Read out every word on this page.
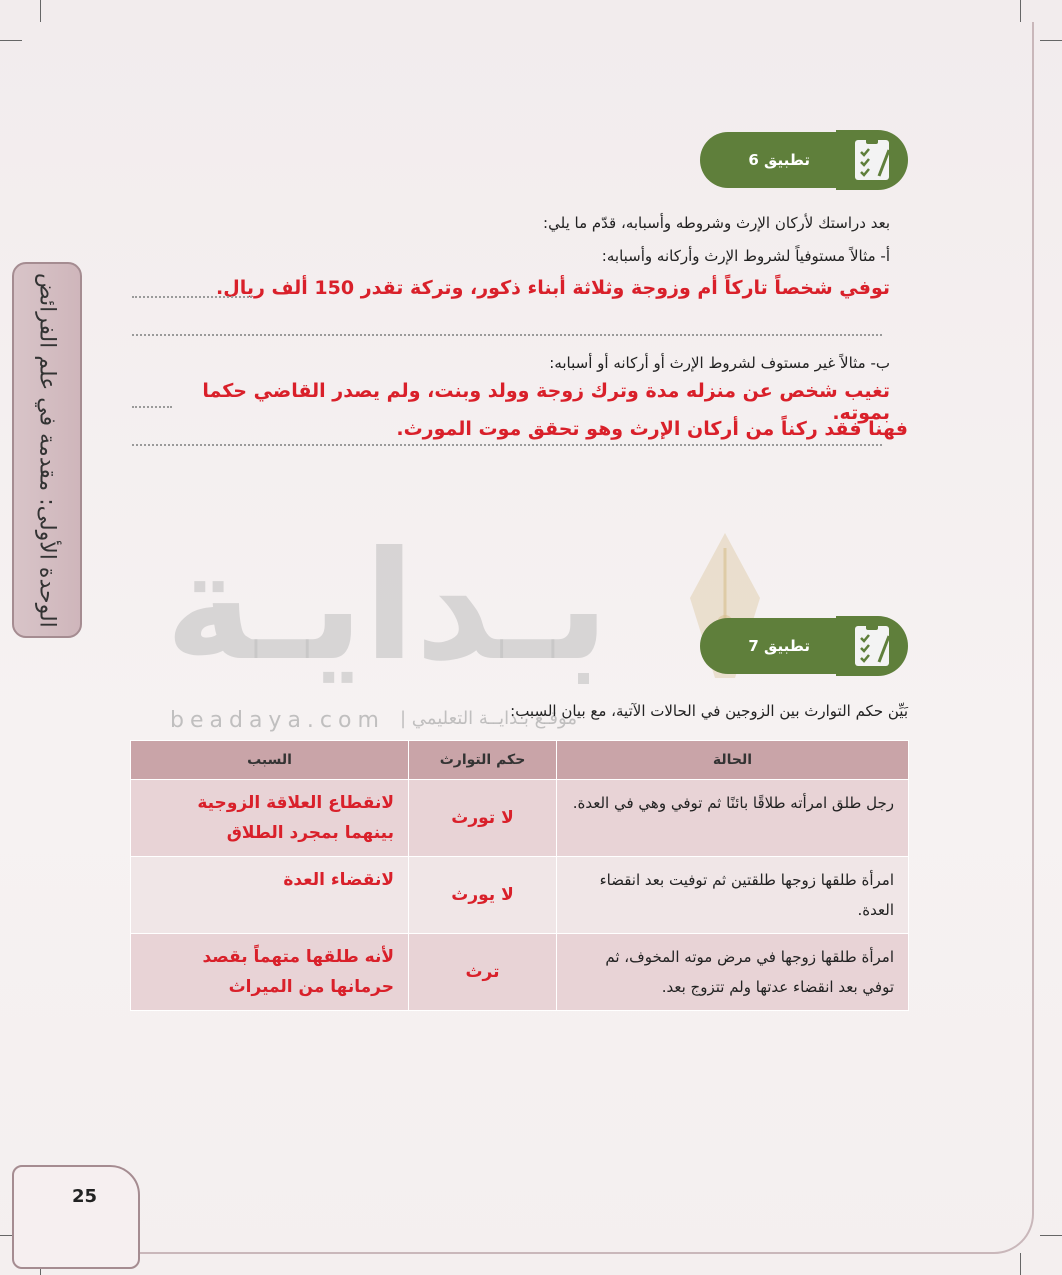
الوحدة الأولى: مقدمة في علم الفرائض بـدايـة
beadaya.com موقـع بـدايــة التعليمي |
تطبيق 6
بعد دراستك لأركان الإرث وشروطه وأسبابه، قدّم ما يلي:
أ- مثالاً مستوفياً لشروط الإرث وأركانه وأسبابه:
توفي شخصاً تاركاً أم وزوجة وثلاثة أبناء ذكور، وتركة تقدر 150 ألف ريال.
ب- مثالاً غير مستوف لشروط الإرث أو أركانه أو أسبابه:
تغيب شخص عن منزله مدة وترك زوجة وولد وبنت، ولم يصدر القاضي حكما بموته.
فهنا فقد ركناً من أركان الإرث وهو تحقق موت المورث.
تطبيق 7
بَيِّن حكم التوارث بين الزوجين في الحالات الآتية، مع بيان السبب:
الحالة	حكم التوارث	السبب
رجل طلق امرأته طلاقًا بائنًا ثم توفي وهي في العدة.	لا تورث	لانقطاع العلاقة الزوجية بينهما بمجرد الطلاق
امرأة طلقها زوجها طلقتين ثم توفيت بعد انقضاء العدة.	لا يورث	لانقضاء العدة
امرأة طلقها زوجها في مرض موته المخوف، ثم توفي بعد انقضاء عدتها ولم تتزوج بعد.	ترث	لأنه طلقها متهماً بقصد حرمانها من الميراث
25
